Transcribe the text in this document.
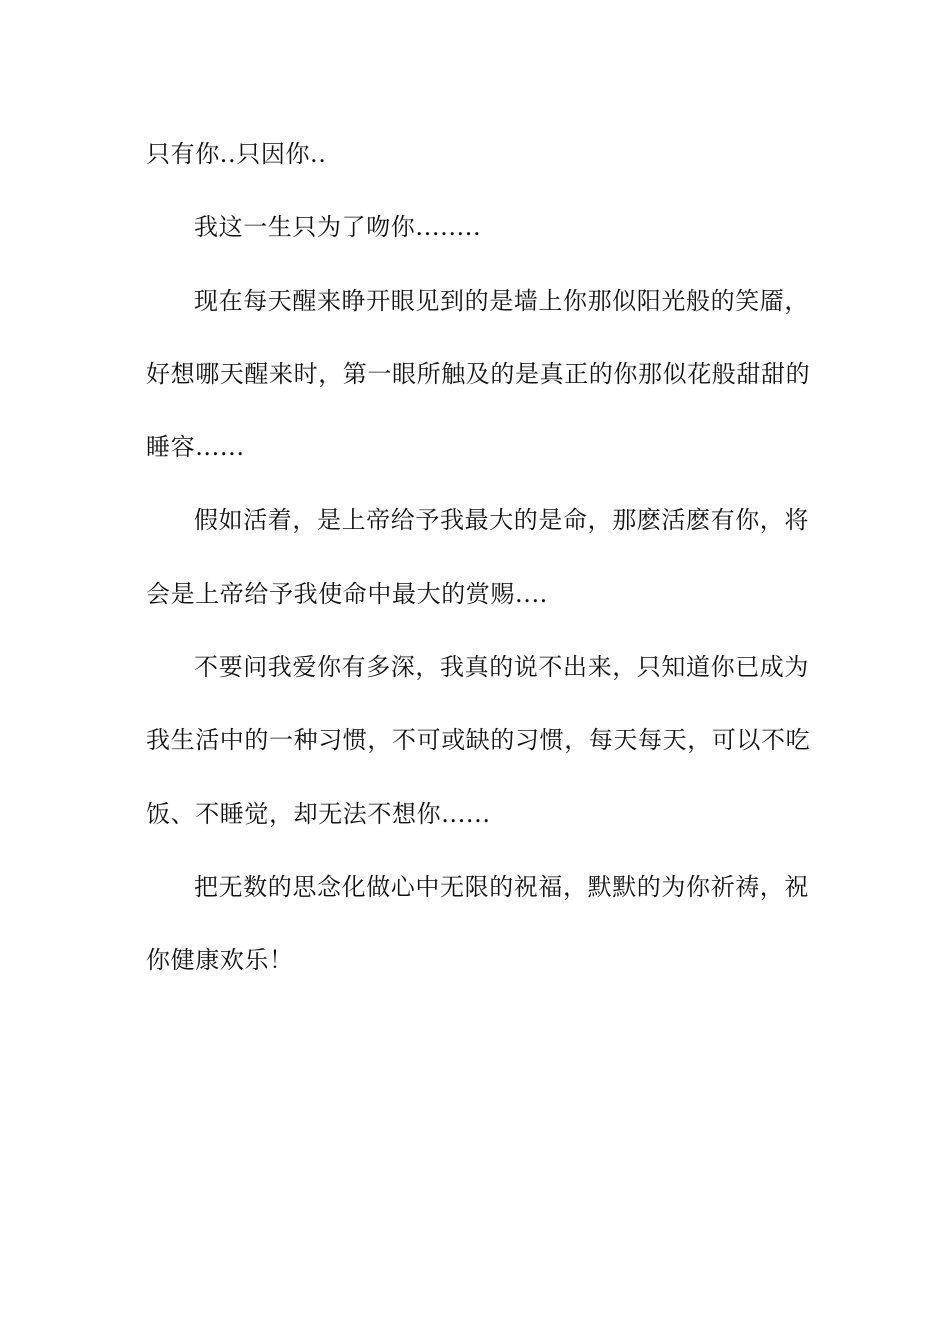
只有你..只因你..
我这一生只为了吻你........
现在每天醒来睁开眼见到的是墙上你那似阳光般的笑靥，
好想哪天醒来时，第一眼所触及的是真正的你那似花般甜甜的
睡容......
假如活着，是上帝给予我最大的是命，那麽活麽有你，将
会是上帝给予我使命中最大的赏赐....
不要问我爱你有多深，我真的说不出来，只知道你已成为
我生活中的一种习惯，不可或缺的习惯，每天每天，可以不吃
饭、不睡觉，却无法不想你......
把无数的思念化做心中无限的祝福，默默的为你祈祷，祝
你健康欢乐！
